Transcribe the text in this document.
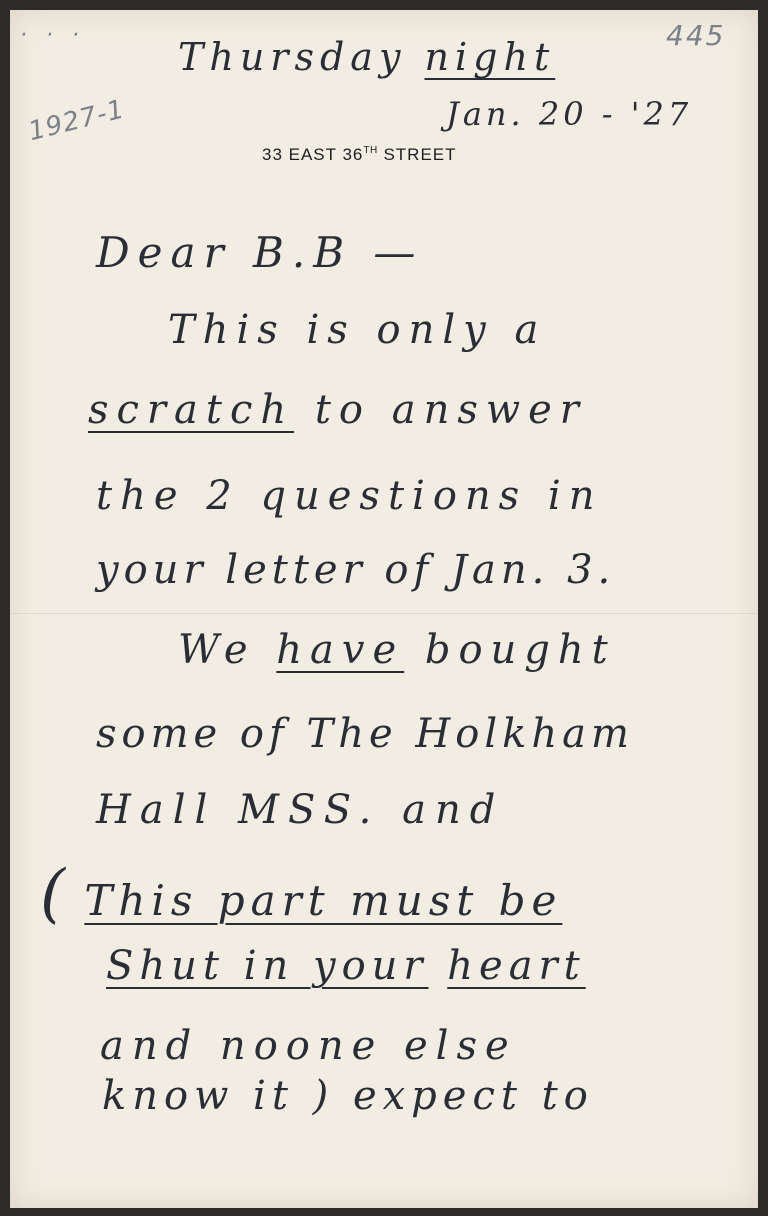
· · ·	445
1927-1
Thursday night
Jan. 20 - '27
33 EAST 36TH STREET
Dear B.B —
This is only a
scratch to answer
the 2 questions in
your letter of Jan. 3.
We have bought
some of The Holkham
Hall MSS. and
( This part must be
Shut in your heart
and noone else
know it ) expect to
